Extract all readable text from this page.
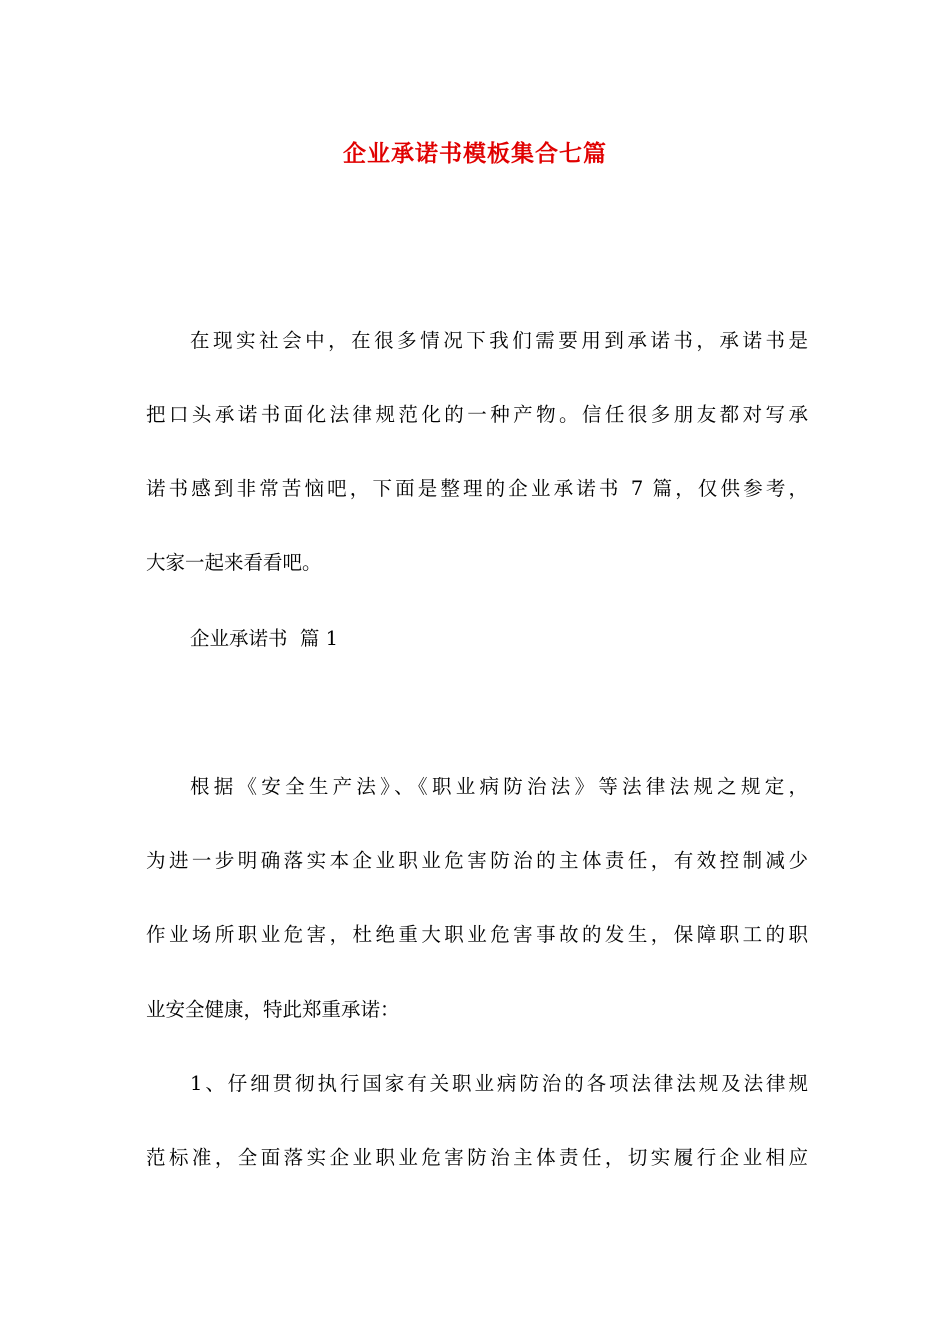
企业承诺书模板集合七篇
在现实社会中，在很多情况下我们需要用到承诺书，承诺书是
把口头承诺书面化法律规范化的一种产物。信任很多朋友都对写承
诺书感到非常苦恼吧，下面是整理的企业承诺书 7 篇，仅供参考，
大家一起来看看吧。
企业承诺书  篇 1
根据《安全生产法》、《职业病防治法》等法律法规之规定，
为进一步明确落实本企业职业危害防治的主体责任，有效控制减少
作业场所职业危害，杜绝重大职业危害事故的发生，保障职工的职
业安全健康，特此郑重承诺：
1、仔细贯彻执行国家有关职业病防治的各项法律法规及法律规
范标准，全面落实企业职业危害防治主体责任，切实履行企业相应
